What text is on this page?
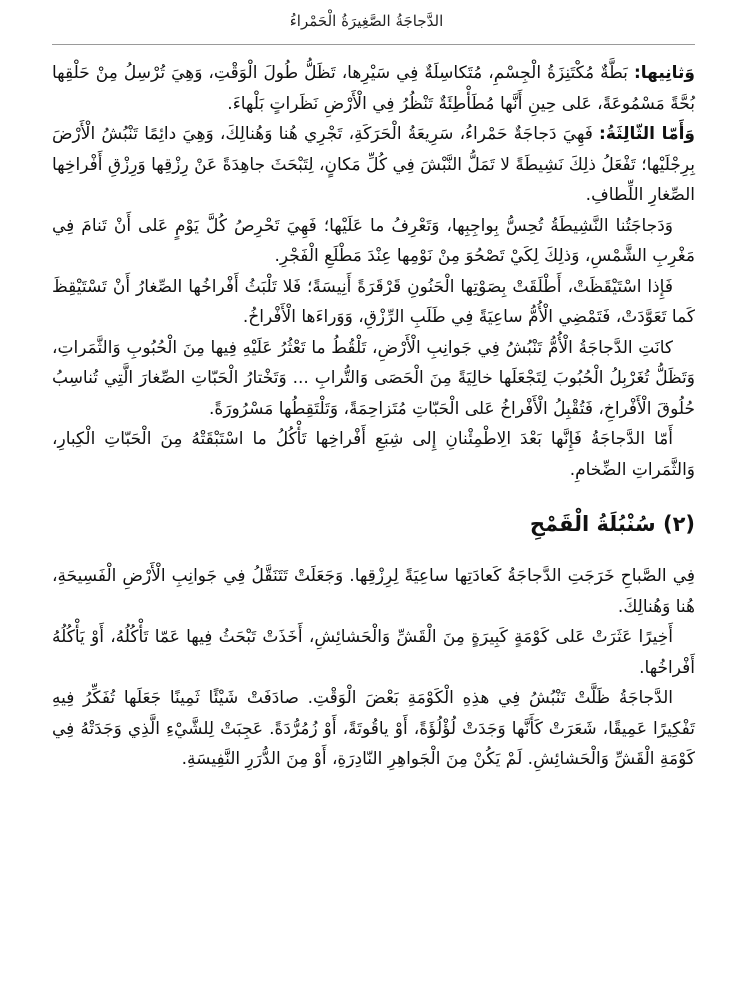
الدَّجاجَةُ الصَّغِيرَةُ الْحَمْراءُ

وَثانِيها: بَطَّةٌ مُكْتَنِزَةُ الْجِسْمِ، مُتَكاسِلَةٌ فِي سَيْرِها، تَظَلُّ طُولَ الْوَقْتِ، وَهِيَ تُرْسِلُ مِنْ حَلْقِها بُحَّةً مَسْمُوعَةً، عَلى حِينِ أَنَّها مُطَأْطِئَةٌ تَنْظُرُ فِي الْأَرْضِ نَظَراتٍ بَلْهاءَ.

وَأَمّا الثّالِثَةُ: فَهِيَ دَجاجَةٌ حَمْراءُ، سَرِيعَةُ الْحَرَكَةِ، تَجْرِي هُنا وَهُنالِكَ، وَهِيَ دائِمًا تَنْبُشُ الْأَرْضَ بِرِجْلَيْها؛ تَفْعَلُ ذلِكَ نَشِيطَةً لا تَمَلُّ النَّبْشَ فِي كُلِّ مَكانٍ، لِتَبْحَثَ جاهِدَةً عَنْ رِزْقِها وَرِزْقِ أَفْراخِها الصِّغارِ اللِّطافِ.

وَدَجاجَتُنا النَّشِيطَةُ تُحِسُّ بِواجِبِها، وَتَعْرِفُ ما عَلَيْها؛ فَهِيَ تَحْرِصُ كُلَّ يَوْمٍ عَلى أَنْ تَنامَ فِي مَغْرِبِ الشَّمْسِ، وَذلِكَ لِكَيْ تَصْحُوَ مِنْ نَوْمِها عِنْدَ مَطْلَعِ الْفَجْرِ.

فَإِذا اسْتَيْقَظَتْ، أَطْلَقَتْ بِصَوْتِها الْحَنُونِ قَرْقَرَةً أَنِيسَةً؛ فَلا تَلْبَثُ أَفْراخُها الصِّغارُ أَنْ تَسْتَيْقِظَ كَما تَعَوَّدَتْ، فَتَمْضِي الْأُمُّ ساعِيَةً فِي طَلَبِ الرِّزْقِ، وَوَراءَها الْأَفْراخُ.

كانَتِ الدَّجاجَةُ الْأُمُّ تَنْبُشُ فِي جَوانِبِ الْأَرْضِ، تَلْقُطُ ما تَعْثُرُ عَلَيْهِ فِيها مِنَ الْحُبُوبِ وَالثَّمَراتِ، وَتَظَلُّ تُغَرْبِلُ الْحُبُوبَ لِتَجْعَلَها خالِيَةً مِنَ الْحَصَى وَالتُّرابِ ... وَتَخْتارُ الْحَبّاتِ الصِّغارَ الَّتِي تُناسِبُ حُلُوقَ الْأَفْراخِ، فَتُقْبِلُ الْأَفْراخُ عَلى الْحَبّاتِ مُتَزاحِمَةً، وَتَلْتَقِطُها مَسْرُورَةً.

أَمّا الدَّجاجَةُ فَإِنَّها بَعْدَ الِاطْمِئْنانِ إِلى شِبَعِ أَفْراخِها تَأْكُلُ ما اسْتَبْقَتْهُ مِنَ الْحَبّاتِ الْكِبارِ، وَالثَّمَراتِ الضِّخامِ.

(٢) سُنْبُلَةُ الْقَمْحِ

فِي الصَّباحِ خَرَجَتِ الدَّجاجَةُ كَعادَتِها ساعِيَةً لِرِزْقِها. وَجَعَلَتْ تَتَنَقَّلُ فِي جَوانِبِ الْأَرْضِ الْفَسِيحَةِ، هُنا وَهُنالِكَ.

أَخِيرًا عَثَرَتْ عَلى كَوْمَةٍ كَبِيرَةٍ مِنَ الْقَشِّ وَالْحَشائِشِ، أَخَذَتْ تَبْحَثُ فِيها عَمّا تَأْكُلُهُ، أَوْ يَأْكُلُهُ أَفْراخُها.

الدَّجاجَةُ ظَلَّتْ تَنْبُشُ فِي هذِهِ الْكَوْمَةِ بَعْضَ الْوَقْتِ. صادَفَتْ شَيْئًا ثَمِينًا جَعَلَها تُفَكِّرُ فِيهِ تَفْكِيرًا عَمِيقًا، شَعَرَتْ كَأَنَّها وَجَدَتْ لُؤْلُؤَةً، أَوْ ياقُوتَةً، أَوْ زُمُرُّدَةً. عَجِبَتْ لِلشَّيْءِ الَّذِي وَجَدَتْهُ فِي كَوْمَةِ الْقَشِّ وَالْحَشائِشِ. لَمْ يَكُنْ مِنَ الْجَواهِرِ النّادِرَةِ، أَوْ مِنَ الدُّرَرِ النَّفِيسَةِ.
